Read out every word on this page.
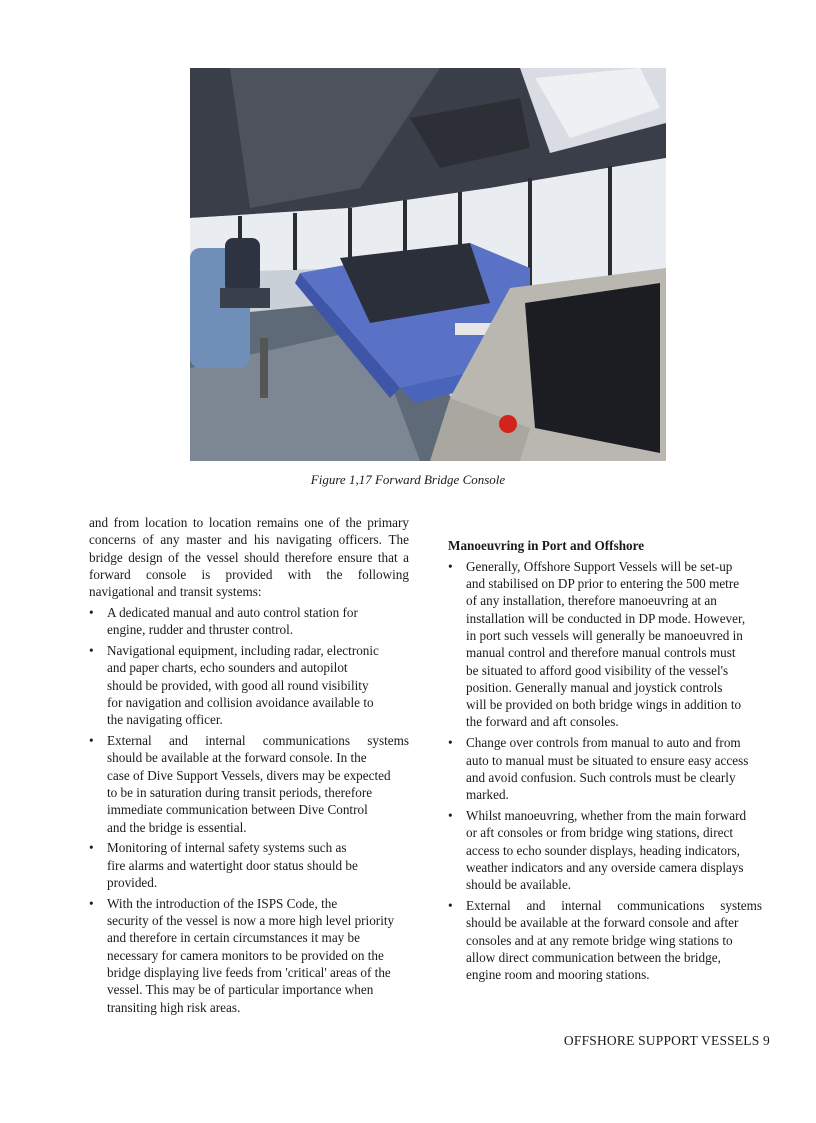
Figure 1,17 Forward Bridge Console
and from location to location remains one of the primary
concerns of any master and his navigating officers. The
bridge design of the vessel should therefore ensure that a
forward console is provided with the following
navigational and transit systems:
• A dedicated manual and auto control station for
engine, rudder and thruster control.
• Navigational equipment, including radar, electronic
and paper charts, echo sounders and autopilot
should be provided, with good all round visibility
for navigation and collision avoidance available to
the navigating officer.
• External and internal communications systems
should be available at the forward console. In the
case of Dive Support Vessels, divers may be expected
to be in saturation during transit periods, therefore
immediate communication between Dive Control
and the bridge is essential.
• Monitoring of internal safety systems such as
fire alarms and watertight door status should be
provided.
• With the introduction of the ISPS Code, the
security of the vessel is now a more high level priority
and therefore in certain circumstances it may be
necessary for camera monitors to be provided on the
bridge displaying live feeds from 'critical' areas of the
vessel. This may be of particular importance when
transiting high risk areas.
Manoeuvring in Port and Offshore
• Generally, Offshore Support Vessels will be set-up
and stabilised on DP prior to entering the 500 metre
of any installation, therefore manoeuvring at an
installation will be conducted in DP mode. However,
in port such vessels will generally be manoeuvred in
manual control and therefore manual controls must
be situated to afford good visibility of the vessel's
position. Generally manual and joystick controls
will be provided on both bridge wings in addition to
the forward and aft consoles.
• Change over controls from manual to auto and from
auto to manual must be situated to ensure easy access
and avoid confusion. Such controls must be clearly
marked.
• Whilst manoeuvring, whether from the main forward
or aft consoles or from bridge wing stations, direct
access to echo sounder displays, heading indicators,
weather indicators and any overside camera displays
should be available.
• External and internal communications systems
should be available at the forward console and after
consoles and at any remote bridge wing stations to
allow direct communication between the bridge,
engine room and mooring stations.
OFFSHORE SUPPORT VESSELS 9
